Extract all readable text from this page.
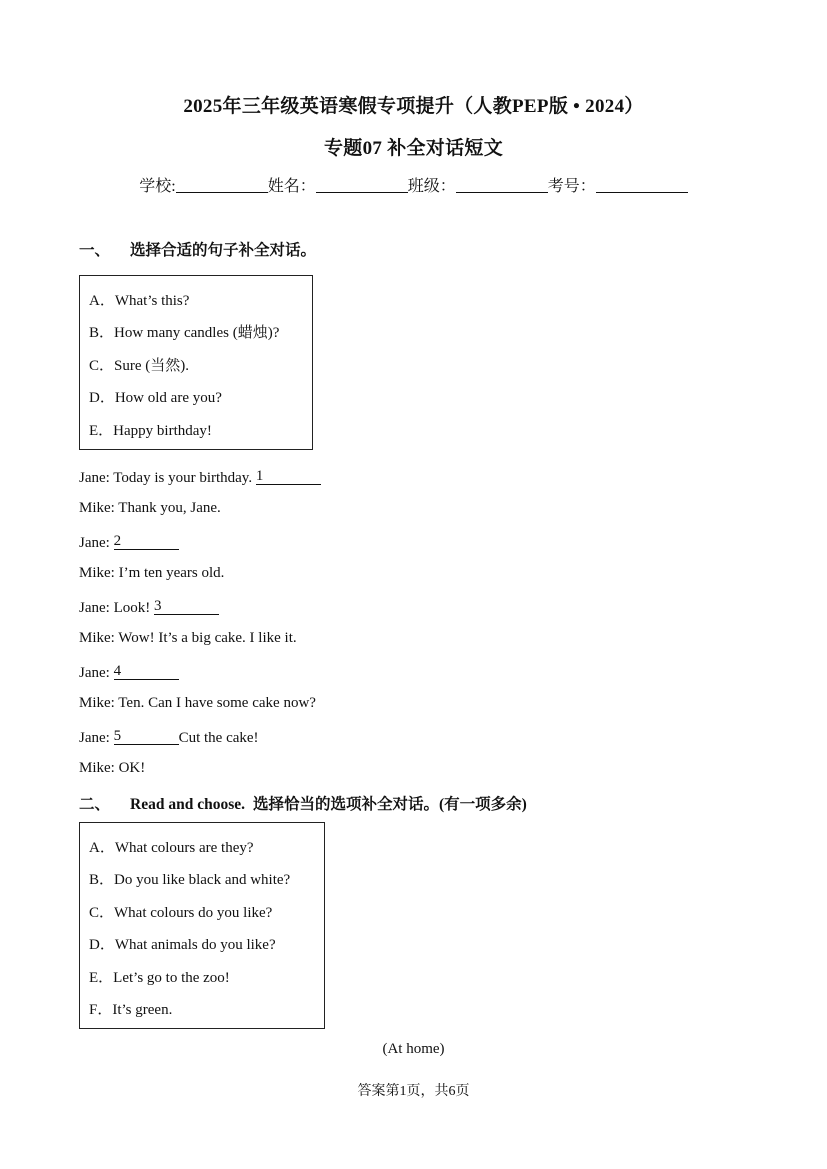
2025年三年级英语寒假专项提升（人教PEP版 • 2024）
专题07 补全对话短文
学校:	姓名：	班级：	考号：
一、 选择合适的句子补全对话。
A．What’s this?
B．How many candles (蜡烛)?
C．Sure (当然).
D．How old are you?
E．Happy birthday!
Jane: Today is your birthday. 1
Mike: Thank you, Jane.
Jane: 2
Mike: I’m ten years old.
Jane: Look! 3
Mike: Wow! It’s a big cake. I like it.
Jane: 4
Mike: Ten. Can I have some cake now?
Jane: 5	Cut the cake!
Mike: OK!
二、 Read and choose. 选择恰当的选项补全对话。(有一项多余)
A．What colours are they?
B．Do you like black and white?
C．What colours do you like?
D．What animals do you like?
E．Let’s go to the zoo!
F．It’s green.
(At home)
答案第1页，共6页
